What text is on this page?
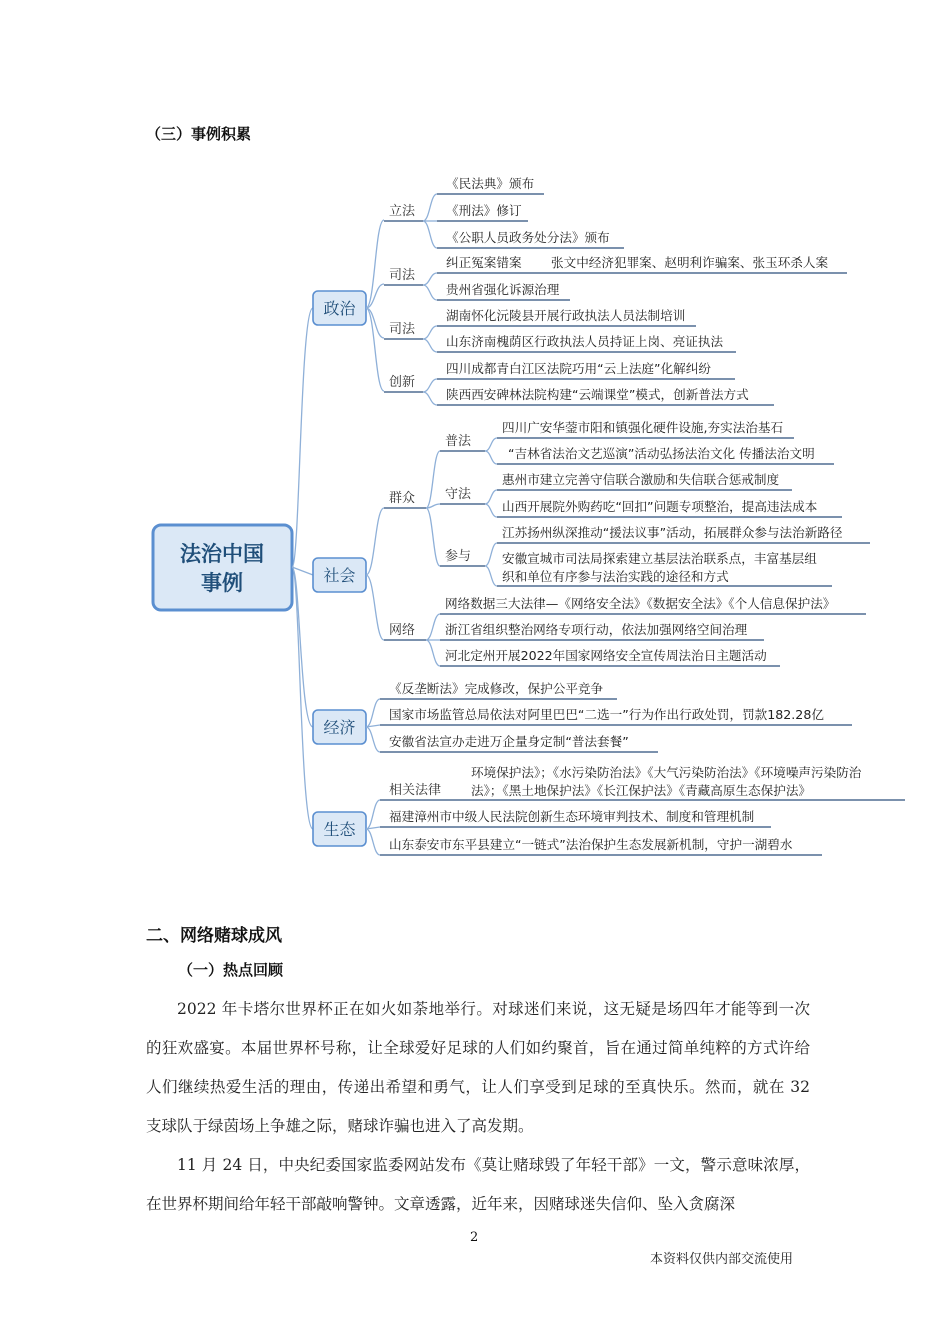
（三）事例积累
法治中国
事例
政治
社会
经济
生态
立法
《民法典》颁布
《刑法》修订
《公职人员政务处分法》颁布
司法
纠正冤案错案 张文中经济犯罪案、赵明利诈骗案、张玉环杀人案
贵州省强化诉源治理
司法
湖南怀化沅陵县开展行政执法人员法制培训
山东济南槐荫区行政执法人员持证上岗、亮证执法
创新
四川成都青白江区法院巧用“云上法庭”化解纠纷
陕西西安碑林法院构建“云端课堂”模式，创新普法方式
群众
普法
四川广安华蓥市阳和镇强化硬件设施,夯实法治基石
“吉林省法治文艺巡演”活动弘扬法治文化 传播法治文明
守法
惠州市建立完善守信联合激励和失信联合惩戒制度
山西开展院外购药吃“回扣”问题专项整治，提高违法成本
参与
江苏扬州纵深推动“援法议事”活动，拓展群众参与法治新路径
安徽宣城市司法局探索建立基层法治联系点，丰富基层组
织和单位有序参与法治实践的途径和方式
网络
网络数据三大法律—《网络安全法》《数据安全法》《个人信息保护法》
浙江省组织整治网络专项行动，依法加强网络空间治理
河北定州开展2022年国家网络安全宣传周法治日主题活动
《反垄断法》完成修改，保护公平竞争
国家市场监管总局依法对阿里巴巴“二选一”行为作出行政处罚，罚款182.28亿
安徽省法宣办走进万企量身定制“普法套餐”
相关法律
环境保护法》；《水污染防治法》《大气污染防治法》《环境噪声污染防治
法》；《黑土地保护法》《长江保护法》《青藏高原生态保护法》
福建漳州市中级人民法院创新生态环境审判技术、制度和管理机制
山东泰安市东平县建立“一链式”法治保护生态发展新机制，守护一湖碧水
二、网络赌球成风
（一）热点回顾

2022 年卡塔尔世界杯正在如火如荼地举行。对球迷们来说，这无疑是场四年才能等到一次的狂欢盛宴。本届世界杯号称，让全球爱好足球的人们如约聚首，旨在通过简单纯粹的方式许给人们继续热爱生活的理由，传递出希望和勇气，让人们享受到足球的至真快乐。然而，就在 32 支球队于绿茵场上争雄之际，赌球诈骗也进入了高发期。

11 月 24 日，中央纪委国家监委网站发布《莫让赌球毁了年轻干部》一文，警示意味浓厚，在世界杯期间给年轻干部敲响警钟。文章透露，近年来，因赌球迷失信仰、坠入贪腐深

2
本资料仅供内部交流使用
